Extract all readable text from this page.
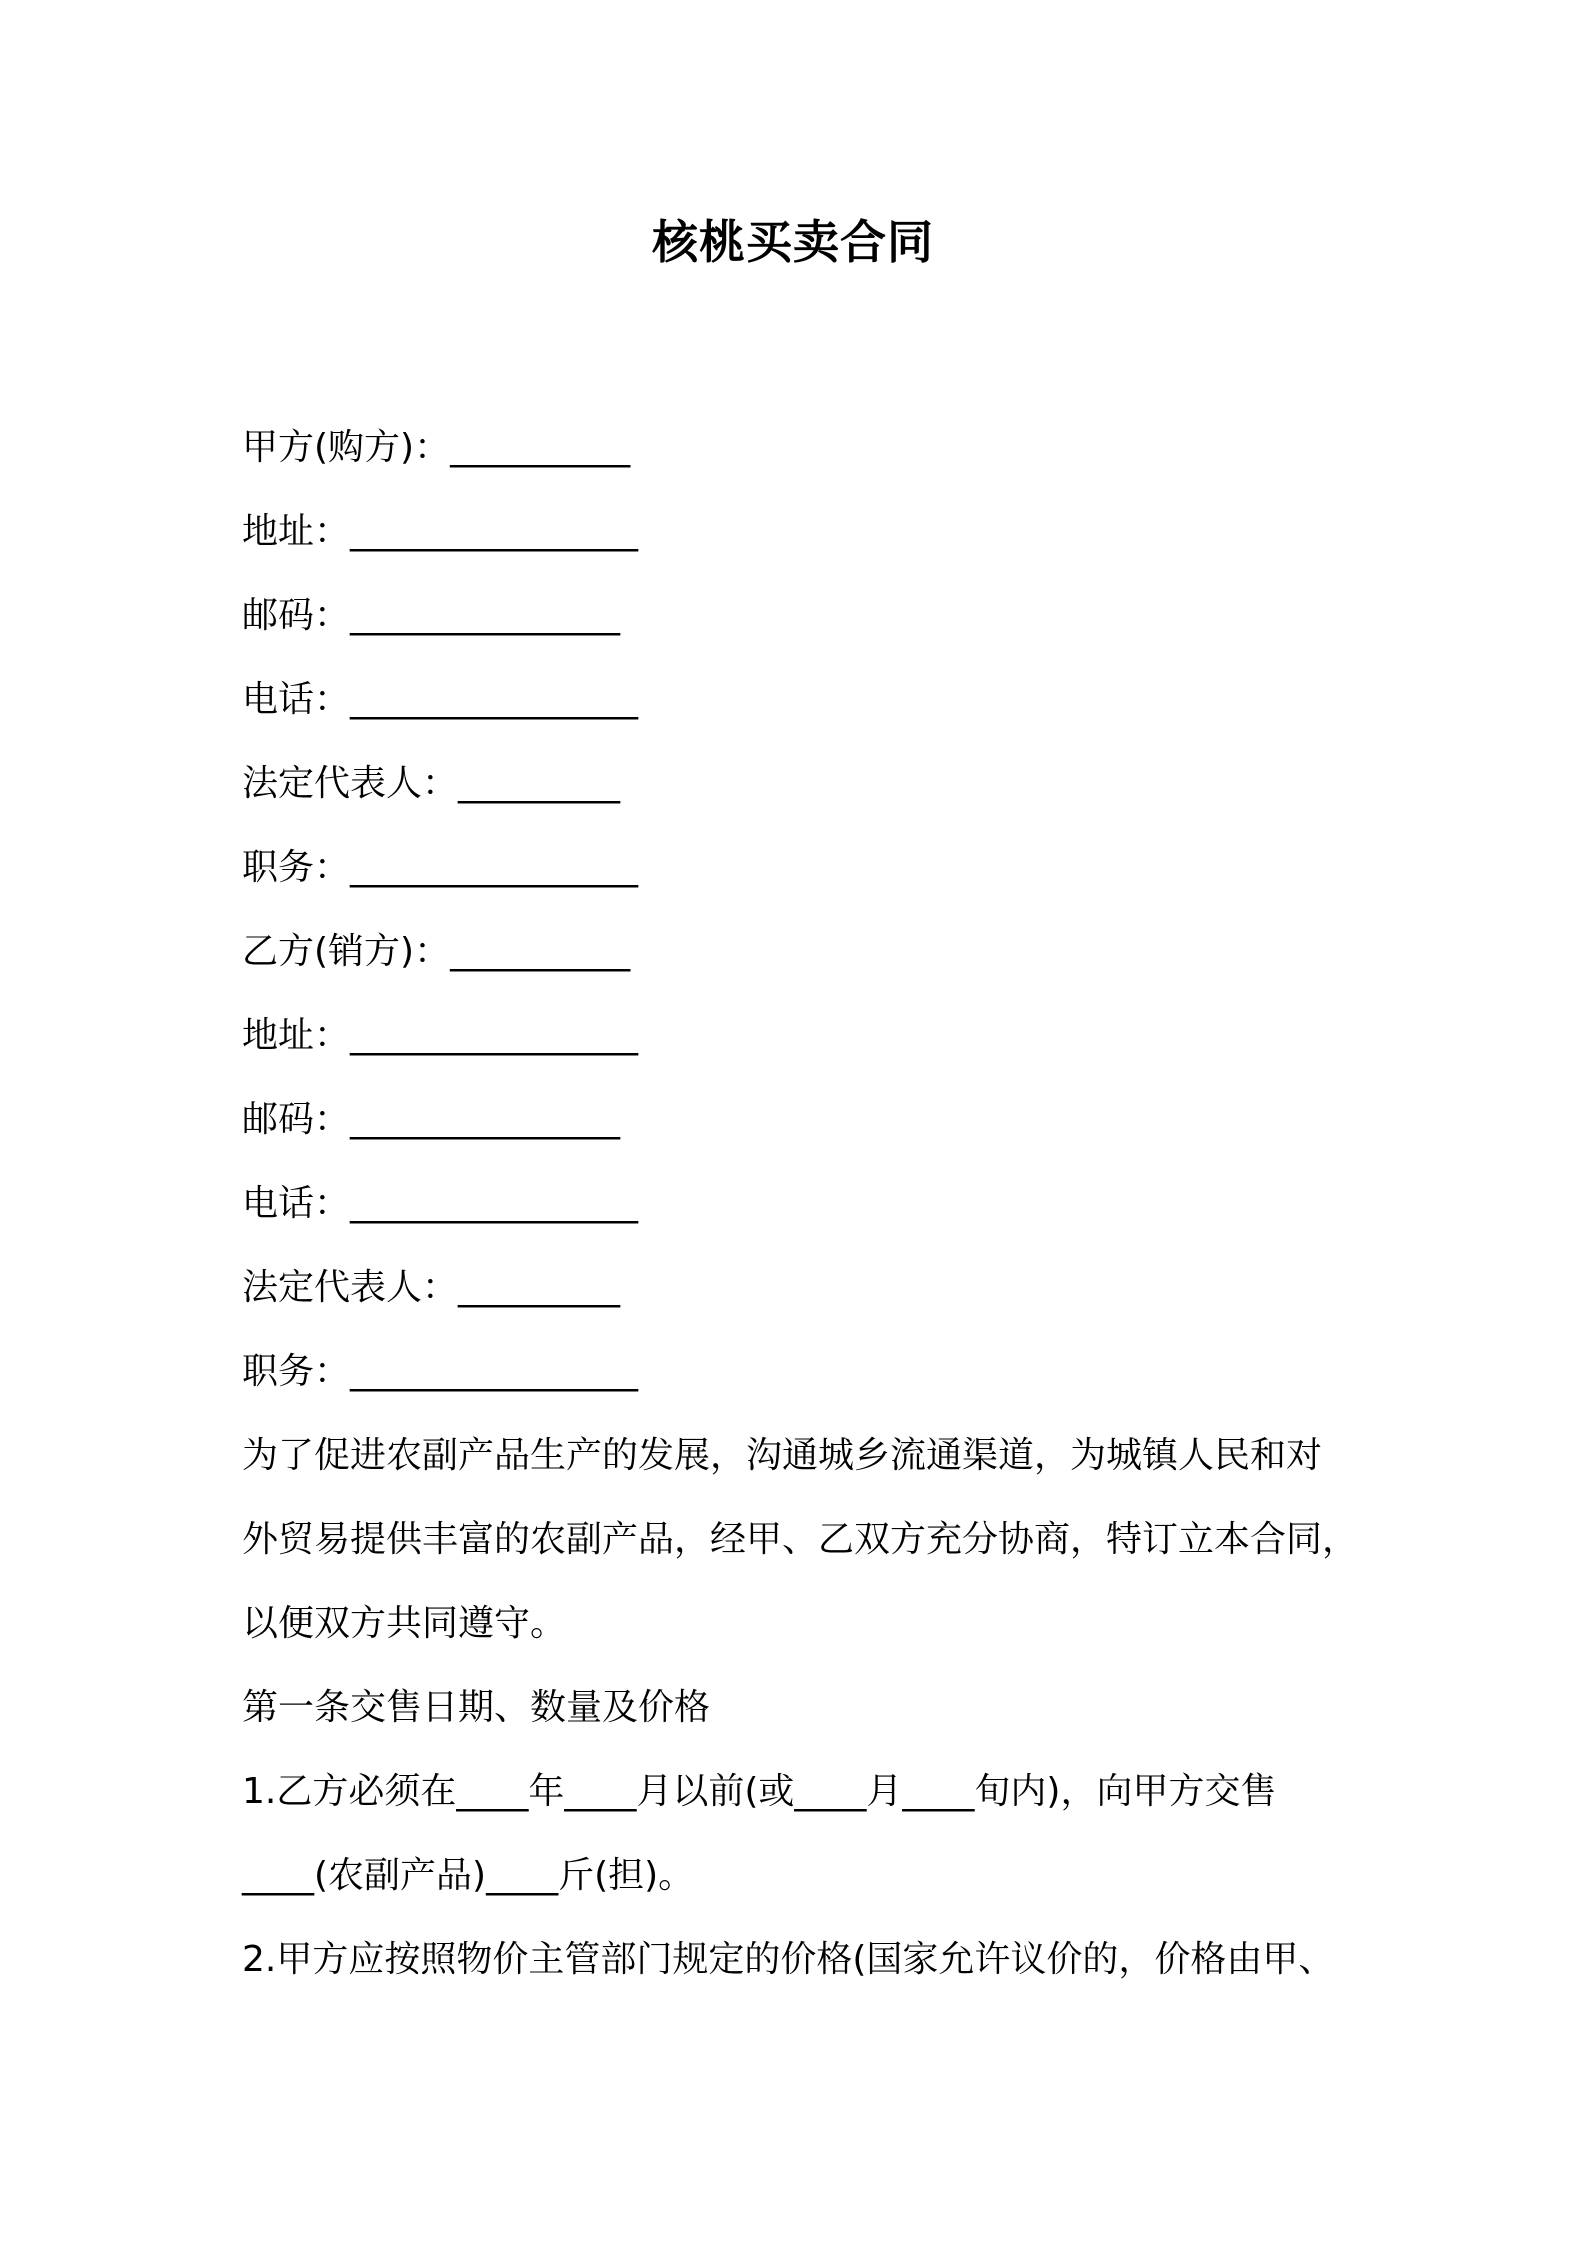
核桃买卖合同
甲方(购方)：__________
地址：________________
邮码：_______________
电话：________________
法定代表人：_________
职务：________________
乙方(销方)：__________
地址：________________
邮码：_______________
电话：________________
法定代表人：_________
职务：________________
为了促进农副产品生产的发展，沟通城乡流通渠道，为城镇人民和对
外贸易提供丰富的农副产品，经甲、乙双方充分协商，特订立本合同，
以便双方共同遵守。
第一条交售日期、数量及价格
1.乙方必须在____年____月以前(或____月____旬内)，向甲方交售
____(农副产品)____斤(担)。
2.甲方应按照物价主管部门规定的价格(国家允许议价的，价格由甲、
